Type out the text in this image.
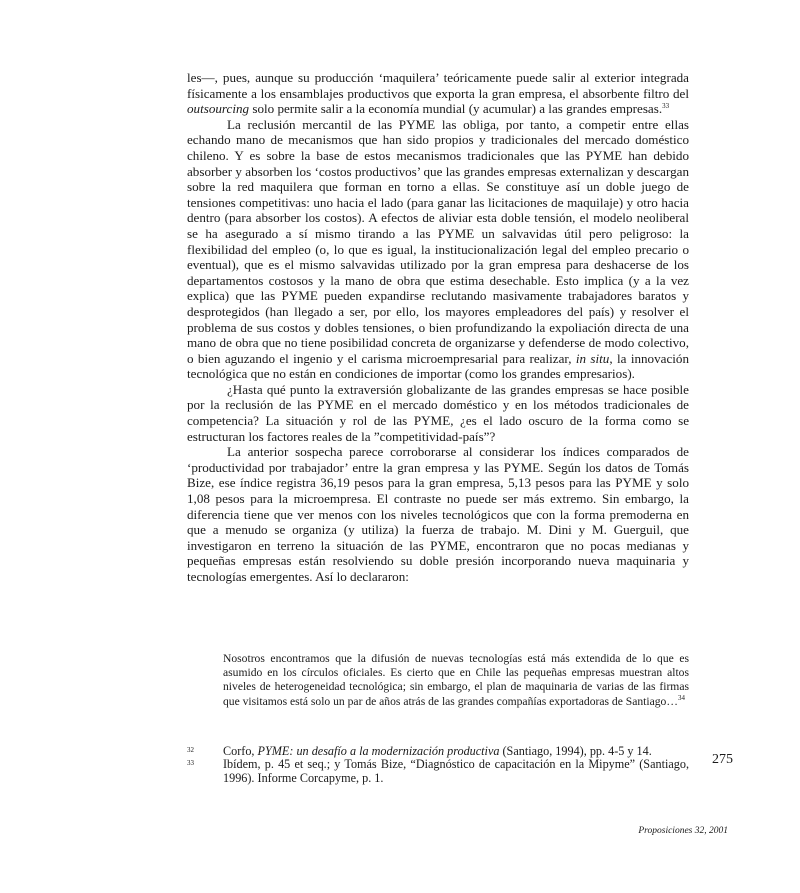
les—, pues, aunque su producción ‘maquilera’ teóricamente puede salir al exterior integrada físicamente a los ensamblajes productivos que exporta la gran empresa, el absorbente filtro del outsourcing solo permite salir a la economía mundial (y acumular) a las grandes empresas.$^{33}$

La reclusión mercantil de las PYME las obliga, por tanto, a competir entre ellas echando mano de mecanismos que han sido propios y tradicionales del mercado doméstico chileno. Y es sobre la base de estos mecanismos tradicionales que las PYME han debido absorber y absorben los ‘costos productivos’ que las grandes empresas externalizan y descargan sobre la red maquilera que forman en torno a ellas. Se constituye así un doble juego de tensiones competitivas: uno hacia el lado (para ganar las licitaciones de maquilaje) y otro hacia dentro (para absorber los costos). A efectos de aliviar esta doble tensión, el modelo neoliberal se ha asegurado a sí mismo tirando a las PYME un salvavidas útil pero peligroso: la flexibilidad del empleo (o, lo que es igual, la institucionalización legal del empleo precario o eventual), que es el mismo salvavidas utilizado por la gran empresa para deshacerse de los departamentos costosos y la mano de obra que estima desechable. Esto implica (y a la vez explica) que las PYME pueden expandirse reclutando masivamente trabajadores baratos y desprotegidos (han llegado a ser, por ello, los mayores empleadores del país) y resolver el problema de sus costos y dobles tensiones, o bien profundizando la expoliación directa de una mano de obra que no tiene posibilidad concreta de organizarse y defenderse de modo colectivo, o bien aguzando el ingenio y el carisma microempresarial para realizar, in situ, la innovación tecnológica que no están en condiciones de importar (como los grandes empresarios).

¿Hasta qué punto la extraversión globalizante de las grandes empresas se hace posible por la reclusión de las PYME en el mercado doméstico y en los métodos tradicionales de competencia? La situación y rol de las PYME, ¿es el lado oscuro de la forma como se estructuran los factores reales de la ”competitividad-país”?

La anterior sospecha parece corroborarse al considerar los índices comparados de ‘productividad por trabajador’ entre la gran empresa y las PYME. Según los datos de Tomás Bize, ese índice registra 36,19 pesos para la gran empresa, 5,13 pesos para las PYME y solo 1,08 pesos para la microempresa. El contraste no puede ser más extremo. Sin embargo, la diferencia tiene que ver menos con los niveles tecnológicos que con la forma premoderna en que a menudo se organiza (y utiliza) la fuerza de trabajo. M. Dini y M. Guerguil, que investigaron en terreno la situación de las PYME, encontraron que no pocas medianas y pequeñas empresas están resolviendo su doble presión incorporando nueva maquinaria y tecnologías emergentes. Así lo declararon:

Nosotros encontramos que la difusión de nuevas tecnologías está más extendida de lo que es asumido en los círculos oficiales. Es cierto que en Chile las pequeñas empresas muestran altos niveles de heterogeneidad tecnológica; sin embargo, el plan de maquinaria de varias de las firmas que visitamos está solo un par de años atrás de las grandes compañías exportadoras de Santiago…$^{34}$

32 Corfo, PYME: un desafío a la modernización productiva (Santiago, 1994), pp. 4-5 y 14.
33 Ibídem, p. 45 et seq.; y Tomás Bize, “Diagnóstico de capacitación en la Mipyme” (Santiago, 1996). Informe Corcapyme, p. 1.
275
Proposiciones 32, 2001
